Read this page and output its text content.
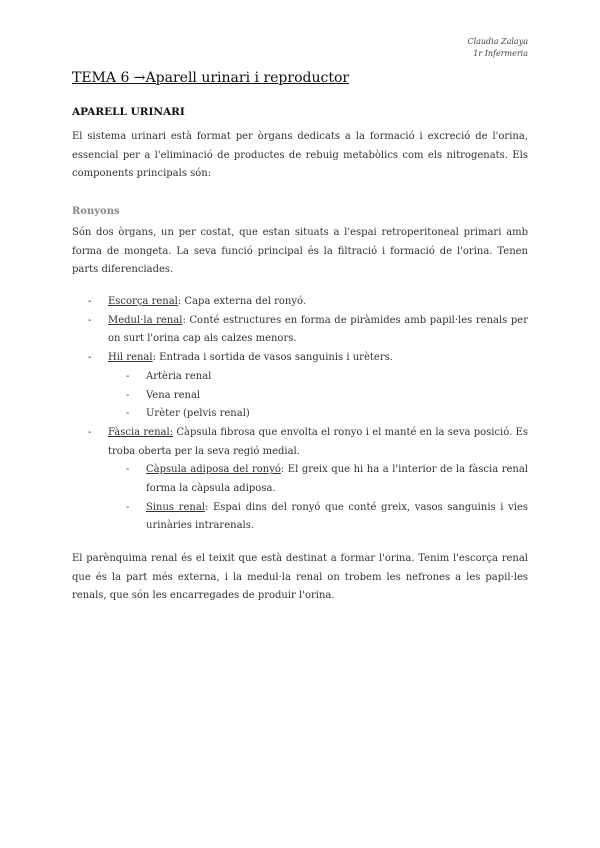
Claudia Zalaya
1r Infermeria
TEMA 6 →Aparell urinari i reproductor
APARELL URINARI

El sistema urinari està format per òrgans dedicats a la formació i excreció de l'orina, essencial per a l'eliminació de productes de rebuig metabòlics com els nitrogenats. Els components principals són:

Ronyons

Són dos òrgans, un per costat, que estan situats a l'espai retroperitoneal primari amb forma de mongeta. La seva funció principal és la filtració i formació de l'orina. Tenen parts diferenciades.

- Escorça renal: Capa externa del ronyó.
- Medul·la renal: Conté estructures en forma de piràmides amb papil·les renals per on surt l'orina cap als calzes menors.
- Hil renal: Entrada i sortida de vasos sanguinis i urèters.
- Artèria renal
- Vena renal
- Urèter (pelvis renal)
- Fàscia renal: Càpsula fibrosa que envolta el ronyo i el manté en la seva posició. Es troba oberta per la seva regió medial.
- Càpsula adiposa del ronyó: El greix que hi ha a l'interior de la fàscia renal forma la càpsula adiposa.
- Sinus renal: Espai dins del ronyó que conté greix, vasos sanguinis i vies urinàries intrarenals.

El parènquima renal és el teixit que està destinat a formar l'orina. Tenim l'escorça renal que és la part més externa, i la medul·la renal on trobem les nefrones a les papil·les renals, que són les encarregades de produir l'orina.
